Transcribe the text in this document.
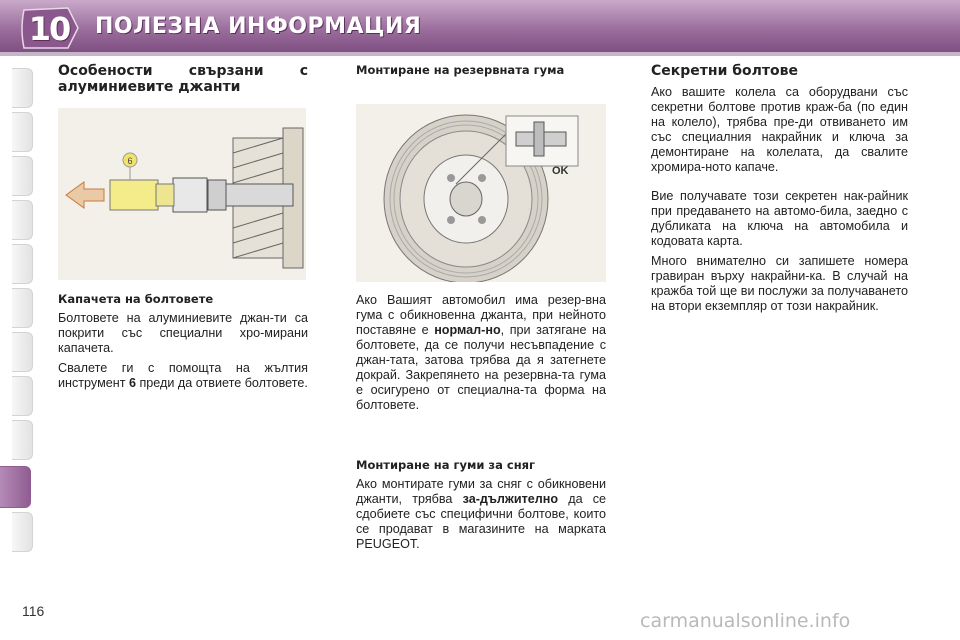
10	ПОЛЕЗНА ИНФОРМАЦИЯ
Особености свързани с алуминиевите джанти
6
Капачета на болтовете

Болтовете на алуминиевите джан-ти са покрити със специални хро-мирани капачета.

Свалете ги с помощта на жълтия инструмент 6 преди да отвиете болтовете.

Монтиране на резервната гума
OK

Ако Вашият автомобил има резер-вна гума с обикновенна джанта, при нейното поставяне е нормал-но, при затягане на болтовете, да се получи несъвпадение с джан-тата, затова трябва да я затегнете докрай. Закрепянето на резервна-та гума е осигурено от специална-та форма на болтовете.

Монтиране на гуми за сняг

Ако монтирате гуми за сняг с обикновени джанти, трябва за-дължително да се сдобиете със специфични болтове, които се продават в магазините на марката PEUGEOT.

Секретни болтове

Ако вашите колела са оборудвани със секретни болтове против краж-ба (по един на колело), трябва пре-ди отвиването им със специалния накрайник и ключа за демонтиране на колелата, да свалите хромира-ното капаче.

Вие получавате този секретен нак-райник при предаването на автомо-била, заедно с дубликата на ключа на автомобила и кодовата карта.

Много внимателно си запишете номера гравиран върху накрайни-ка. В случай на кражба той ще ви послужи за получаването на втори екземпляр от този накрайник.

116	carmanualsonline.info
